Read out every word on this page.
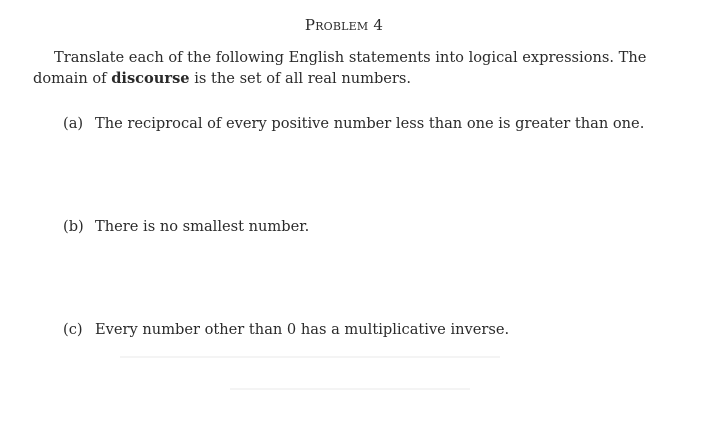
Problem 4
Translate each of the following English statements into logical expressions. The domain of discourse is the set of all real numbers.
(a) The reciprocal of every positive number less than one is greater than one.
(b) There is no smallest number.
(c) Every number other than 0 has a multiplicative inverse.
